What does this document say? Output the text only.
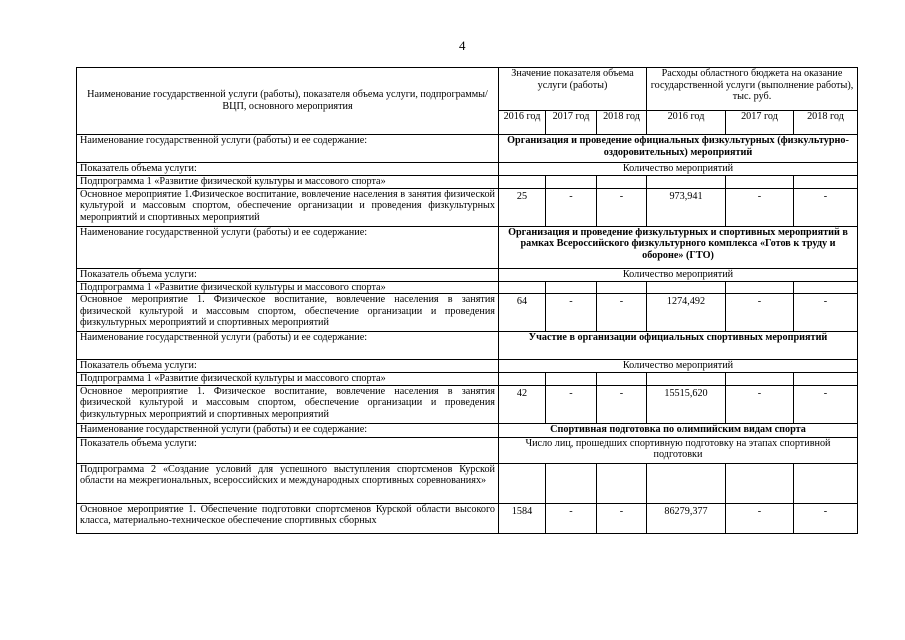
4
Наименование государственной услуги (работы), показателя объема услуги, подпрограммы/ВЦП, основного мероприятия	Значение показателя объема услуги (работы)			Расходы областного бюджета на оказание государственной услуги (выполнение работы), тыс. руб.		
	2016 год	2017 год	2018 год	2016 год	2017 год	2018 год
Наименование государственной услуги (работы) и ее содержание:	Организация и проведение официальных физкультурных (физкультурно-оздоровительных) мероприятий					
Показатель объема услуги:	Количество мероприятий					
Подпрограмма 1 «Развитие физической культуры и массового спорта»						
Основное мероприятие 1.Физическое воспитание, вовлечение населения в занятия физической культурой и массовым спортом, обеспечение организации и проведения физкультурных мероприятий и спортивных мероприятий	25	-	-	973,941	-	-
Наименование государственной услуги (работы) и ее содержание:	Организация и проведение физкультурных и спортивных мероприятий в рамках Всероссийского физкультурного комплекса «Готов к труду и обороне» (ГТО)					
Показатель объема услуги:	Количество мероприятий					
Подпрограмма 1 «Развитие физической культуры и массового спорта»						
Основное мероприятие 1. Физическое воспитание, вовлечение населения в занятия физической культурой и массовым спортом, обеспечение организации и проведения физкультурных мероприятий и спортивных мероприятий	64	-	-	1274,492	-	-
Наименование государственной услуги (работы) и ее содержание:	Участие в организации официальных спортивных мероприятий					
Показатель объема услуги:	Количество мероприятий					
Подпрограмма 1 «Развитие физической культуры и массового спорта»						
Основное мероприятие 1. Физическое воспитание, вовлечение населения в занятия физической культурой и массовым спортом, обеспечение организации и проведения физкультурных мероприятий и спортивных мероприятий	42	-	-	15515,620	-	-
Наименование государственной услуги (работы) и ее содержание:	Спортивная подготовка по олимпийским видам спорта					
Показатель объема услуги:	Число лиц, прошедших спортивную подготовку на этапах спортивной подготовки					
Подпрограмма 2 «Создание условий для успешного выступления спортсменов Курской области на межрегиональных, всероссийских и международных спортивных соревнованиях»						
Основное мероприятие 1. Обеспечение подготовки спортсменов Курской области высокого класса, материально-техническое обеспечение спортивных сборных	1584	-	-	86279,377	-	-
